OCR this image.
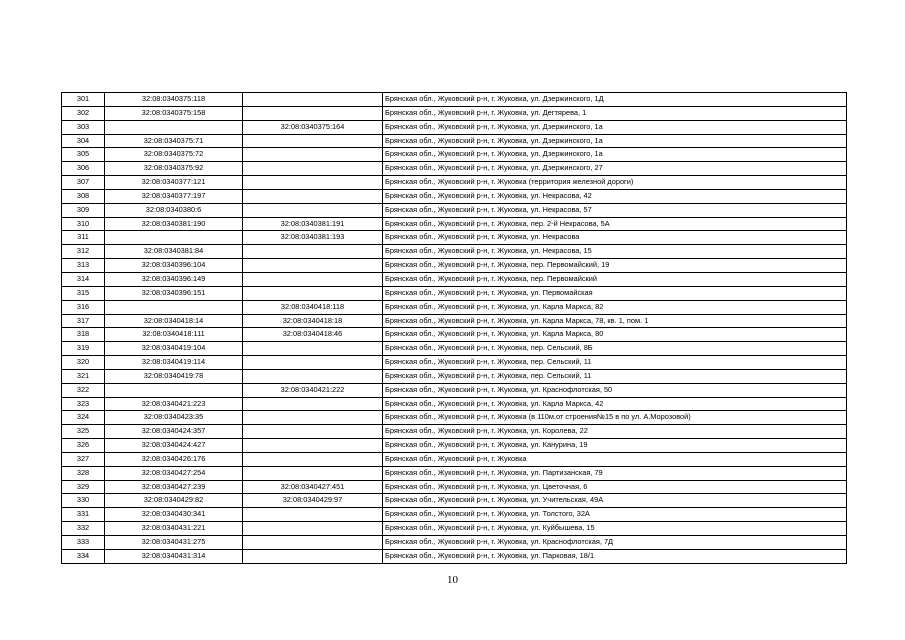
301	32:08:0340375:118		Брянская обл., Жуковский р-н, г. Жуковка, ул. Дзержинского, 1Д
302	32:08:0340375:158		Брянская обл., Жуковский р-н, г. Жуковка, ул. Дегтярева, 1
303		32:08:0340375:164	Брянская обл., Жуковский р-н, г. Жуковка, ул. Дзержинского, 1а
304	32:08:0340375:71		Брянская обл., Жуковский р-н, г. Жуковка, ул. Дзержинского, 1а
305	32:08:0340375:72		Брянская обл., Жуковский р-н, г. Жуковка, ул. Дзержинского, 1а
306	32:08:0340375:92		Брянская обл., Жуковский р-н, г. Жуковка, ул. Дзержинского, 27
307	32:08:0340377:121		Брянская обл., Жуковский р-н, г. Жуковка (территория железной дороги)
308	32:08:0340377:197		Брянская обл., Жуковский р-н, г. Жуковка, ул. Некрасова, 42
309	32:08:0340380:6		Брянская обл., Жуковский р-н, г. Жуковка, ул. Некрасова, 57
310	32:08:0340381:190	32:08:0340381:191	Брянская обл., Жуковский р-н, г. Жуковка, пер. 2-й Некрасова, 5А
311		32:08:0340381:193	Брянская обл., Жуковский р-н, г. Жуковка, ул. Некрасова
312	32:08:0340381:84		Брянская обл., Жуковский р-н, г. Жуковка, ул. Некрасова, 15
313	32:08:0340396:104		Брянская обл., Жуковский р-н, г. Жуковка, пер. Первомайский, 19
314	32:08:0340396:149		Брянская обл., Жуковский р-н, г. Жуковка, пер. Первомайский
315	32:08:0340396:151		Брянская обл., Жуковский р-н, г. Жуковка, ул. Первомайская
316		32:08:0340418:118	Брянская обл., Жуковский р-н, г. Жуковка, ул. Карла Маркса, 82
317	32:08:0340418:14	32:08:0340418:18	Брянская обл., Жуковский р-н, г. Жуковка, ул. Карла Маркса, 78, кв. 1, пом. 1
318	32:08:0340418:111	32:08:0340418:46	Брянская обл., Жуковский р-н, г. Жуковка, ул. Карла Маркса, 80
319	32:08:0340419:104		Брянская обл., Жуковский р-н, г. Жуковка, пер. Сельский, 8Б
320	32:08:0340419:114		Брянская обл., Жуковский р-н, г. Жуковка, пер. Сельский, 11
321	32:08:0340419:78		Брянская обл., Жуковский р-н, г. Жуковка, пер. Сельский, 11
322		32:08:0340421:222	Брянская обл., Жуковский р-н, г. Жуковка, ул. Краснофлотская, 50
323	32:08:0340421:223		Брянская обл., Жуковский р-н, г. Жуковка, ул. Карла Маркса, 42
324	32:08:0340423:35		Брянская обл., Жуковский р-н, г. Жуковка (в 110м.от строения№15 в по ул. А.Морозовой)
325	32:08:0340424:357		Брянская обл., Жуковский р-н, г. Жуковка, ул. Королева, 22
326	32:08:0340424:427		Брянская обл., Жуковский р-н, г. Жуковка, ул. Канурина, 19
327	32:08:0340426:176		Брянская обл., Жуковский р-н, г. Жуковка
328	32:08:0340427:254		Брянская обл., Жуковский р-н, г. Жуковка, ул. Партизанская, 79
329	32:08:0340427:239	32:08:0340427:451	Брянская обл., Жуковский р-н, г. Жуковка, ул. Цветочная, 6
330	32:08:0340429:82	32:08:0340429:97	Брянская обл., Жуковский р-н, г. Жуковка, ул. Учительская, 49А
331	32:08:0340430:341		Брянская обл., Жуковский р-н, г. Жуковка, ул. Толстого, 32А
332	32:08:0340431:221		Брянская обл., Жуковский р-н, г. Жуковка, ул. Куйбышева, 15
333	32:08:0340431:275		Брянская обл., Жуковский р-н, г. Жуковка, ул. Краснофлотская, 7Д
334	32:08:0340431:314		Брянская обл., Жуковский р-н, г. Жуковка, ул. Парковая, 18/1
10
